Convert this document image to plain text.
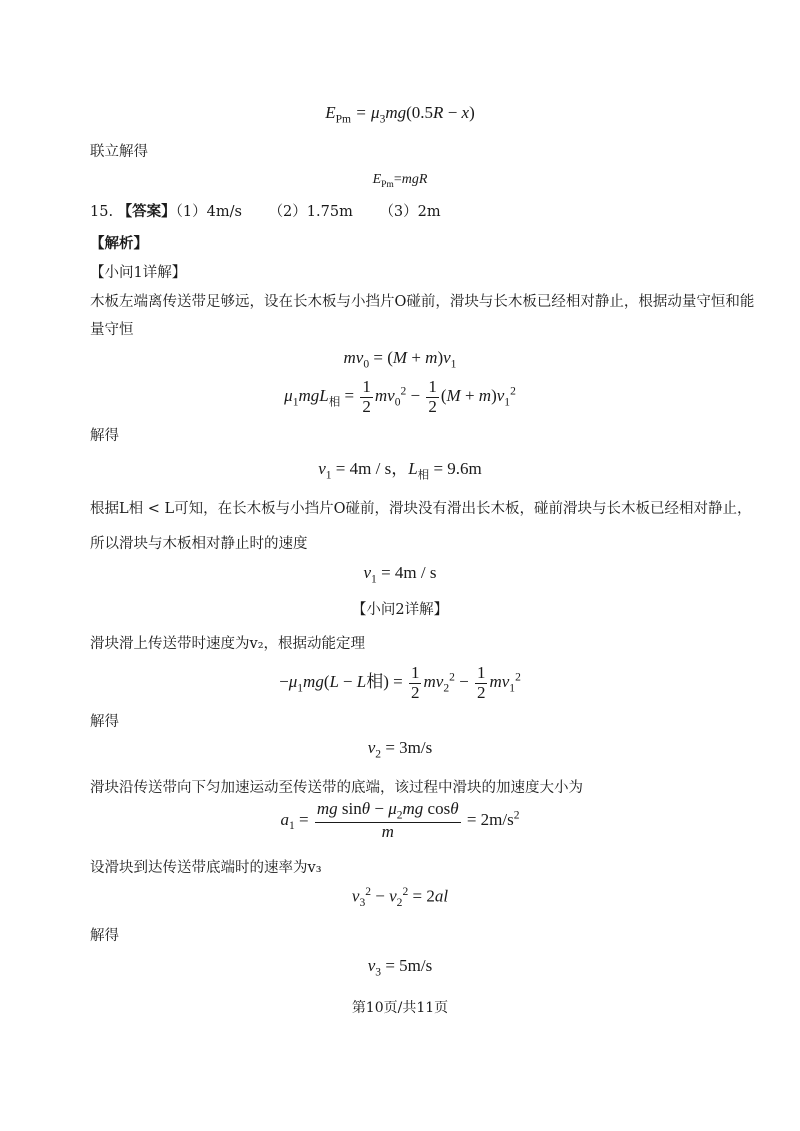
$E_{Pm} = \mu_3mg(0.5R - x)$
联立解得
$E_{Pm}=mgR$
15. 【答案】（1）4m/s （2）1.75m （3）2m
【解析】
【小问1详解】
木板左端离传送带足够远，设在长木板与小挡片O碰前，滑块与长木板已经相对静止，根据动量守恒和能
量守恒
$mv_0 = (M + m)v_1$
$\mu_1mgL_相 = \frac{1}{2} mv_0^2 - \frac{1}{2} (M + m)v_1^2$
解得
$v_1 = 4m / s$，$L_相 = 9.6m$
根据L相 < L可知，在长木板与小挡片O碰前，滑块没有滑出长木板，碰前滑块与长木板已经相对静止，
所以滑块与木板相对静止时的速度
$v_1 = 4m / s$
【小问2详解】
滑块滑上传送带时速度为v₂，根据动能定理
$-\mu_1mg(L - L$相) = $\frac{1}{2} mv_2^2 - \frac{1}{2} mv_1^2$
解得
$v_2 = 3m/s$
滑块沿传送带向下匀加速运动至传送带的底端，该过程中滑块的加速度大小为
$a_1 = \frac{mg \sin\theta - \mu_2mg \cos\theta}{m} = 2m/s^2$
设滑块到达传送带底端时的速率为v₃
$v_3^2 - v_2^2 = 2al$
解得
$v_3 = 5m/s$
第10页/共11页
